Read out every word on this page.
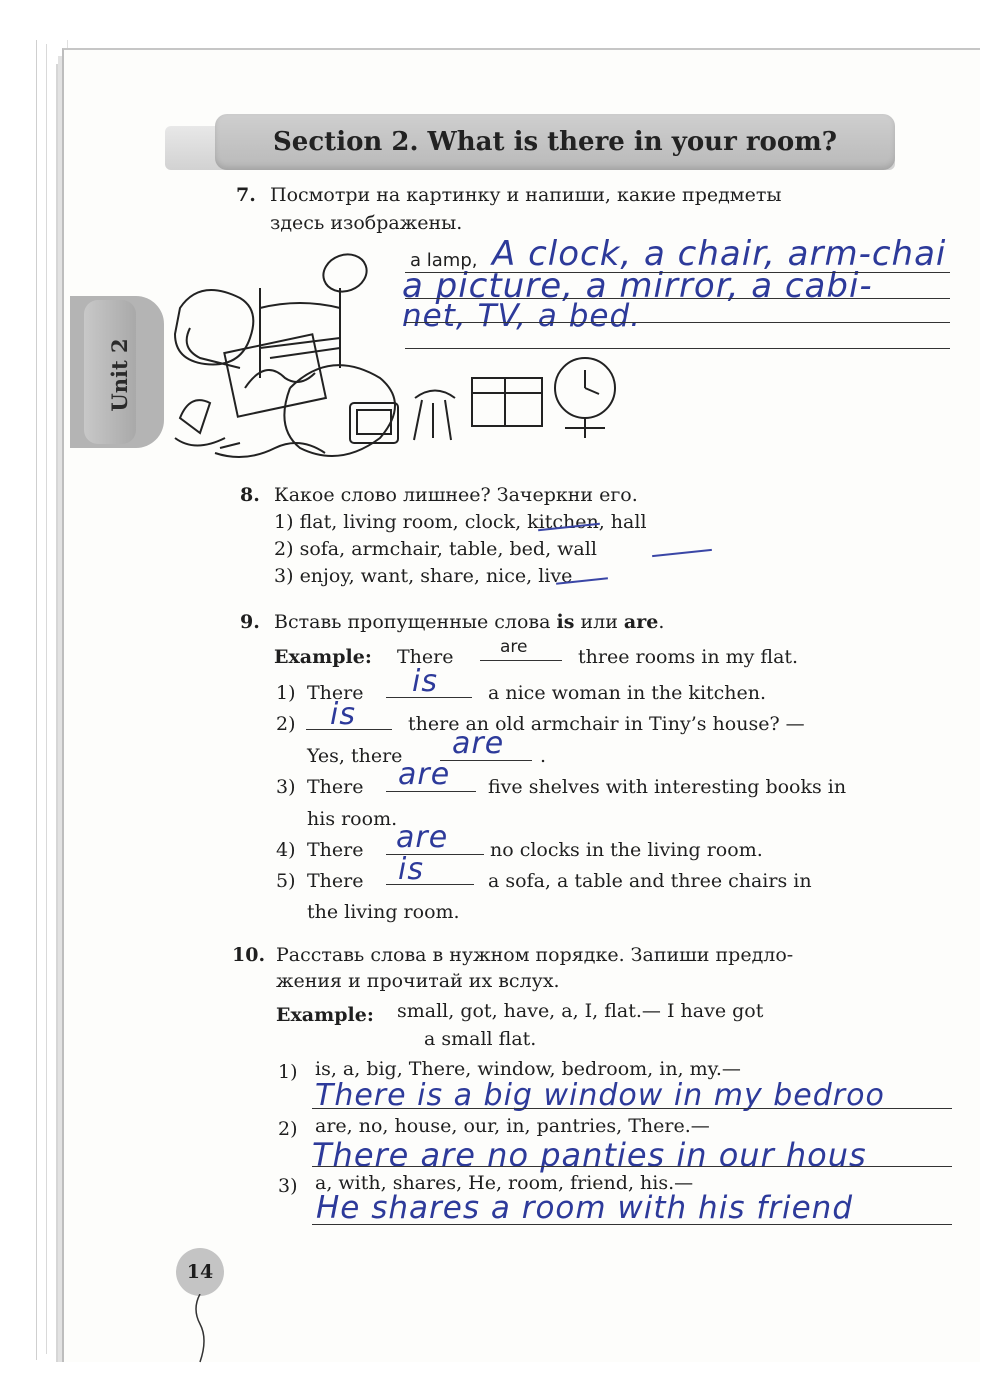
Section 2. What is there in your room?
Unit 2
7. Посмотри на картинку и напиши, какие предметы
здесь изображены.
a lamp, A clock, a chair, arm-chai
a picture, a mirror, a cabi-
net, TV, a bed.
8. Какое слово лишнее? Зачеркни его.
1) flat, living room, clock, kitchen, hall
2) sofa, armchair, table, bed, wall
3) enjoy, want, share, nice, live
9. Вставь пропущенные слова is или are.
Example: There	are	three rooms in my flat.
1) There is	a nice woman in the kitchen.
2) is	there an old armchair in Tiny’s house? —
Yes, there are .
3) There are five shelves with interesting books in
his room.
4) There are no clocks in the living room.
5) There is	a sofa, a table and three chairs in
the living room.
10. Расставь слова в нужном порядке. Запиши предло-
жения и прочитай их вслух.
Example: small, got, have, a, I, flat.— I have got
a small flat.
1) is, a, big, There, window, bedroom, in, my.—
There is a big window in my bedroo
2) are, no, house, our, in, pantries, There.—
There are no panties in our hous
3) a, with, shares, He, room, friend, his.—
He shares a room with his friend
14
